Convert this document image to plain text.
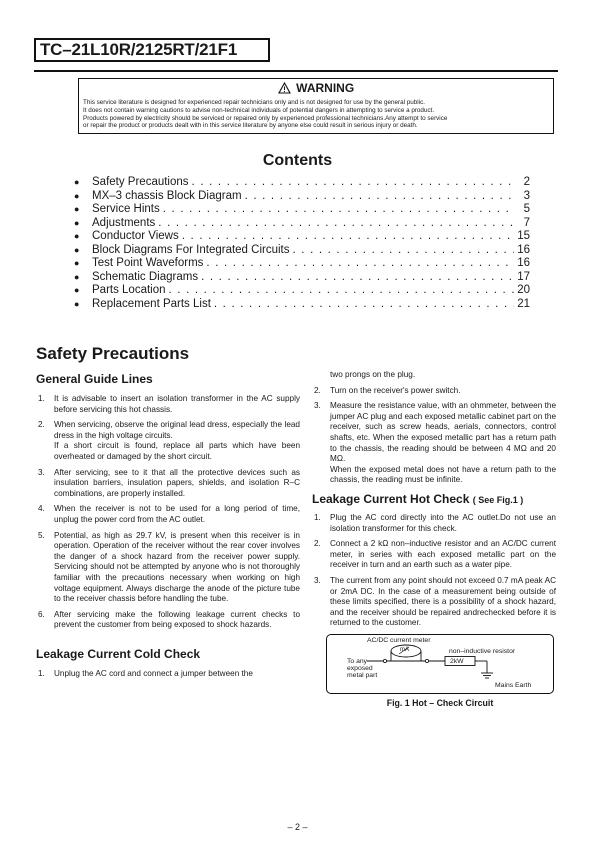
TC–21L10R/2125RT/21F1
WARNING
This service literature is designed for experienced repair technicians only and is not designed for use by the general public.
It does not contain warning cautions to advise non-technical individuals of potential dangers in attempting to service a product.
Products powered by electricity should be serviced or repaired only by experienced professional technicians.Any attempt to service
or repair the product or products dealt with in this service literature by anyone else could result in serious injury or death.
Contents
●	Safety Precautions . . .	2
●	MX–3 chassis Block Diagram . . .	3
●	Service Hints . . .	5
●	Adjustments . . .	7
●	Conductor Views . . .	15
●	Block Diagrams For Integrated Circuits . . .	16
●	Test Point Waveforms . . .	16
●	Schematic Diagrams . . .	17
●	Parts Location . . .	20
●	Replacement Parts List . . .	21
Safety Precautions
General Guide Lines
1. It is advisable to insert an isolation transformer in the AC supply before servicing this hot chassis.
2. When servicing, observe the original lead dress, especially the lead dress in the high voltage circuits.
If a short circuit is found, replace all parts which have been overheated or damaged by the short circuit.
3. After servicing, see to it that all the protective devices such as insulation barriers, insulation papers, shields, and isolation R–C combinations, are properly installed.
4. When the receiver is not to be used for a long period of time, unplug the power cord from the AC outlet.
5. Potential, as high as 29.7 kV, is present when this receiver is in operation. Operation of the receiver without the rear cover involves the danger of a shock hazard from the receiver power supply. Servicing should not be attempted by anyone who is not thoroughly familiar with the precautions necessary when working on high voltage equipment. Always discharge the anode of the picture tube to the receiver chassis before handling the tube.
6. After servicing make the following leakage current checks to prevent the customer from being exposed to shock hazards.
Leakage Current Cold Check
1. Unplug the AC cord and connect a jumper between the
two prongs on the plug.
2. Turn on the receiver's power switch.
3. Measure the resistance value, with an ohmmeter, between the jumper AC plug and each exposed metallic cabinet part on the receiver, such as screw heads, aerials, connectors, control shafts, etc. When the exposed metallic part has a return path to the chassis, the reading should be between 4 MΩ and 20 MΩ.
When the exposed metal does not have a return path to the chassis, the reading must be infinite.
Leakage Current Hot Check ( See Fig.1 )
1. Plug the AC cord directly into the AC outlet.Do not use an isolation transformer for this check.
2. Connect a 2 kΩ non–inductive resistor and an AC/DC current meter, in series with each exposed metallic part on the receiver in turn and an earth such as a water pipe.
3. The current from any point should not exceed 0.7 mA peak AC or 2mA DC. In the case of a measurement being outside of these limits specified, there is a possibility of a shock hazard, and the receiver should be repaired andrechecked before it is returned to the customer.
AC/DC current meter
mA	non–inductive resistor
2kW
To any
exposed
metal part
Mains Earth
Fig. 1 Hot – Check Circuit
– 2 –
